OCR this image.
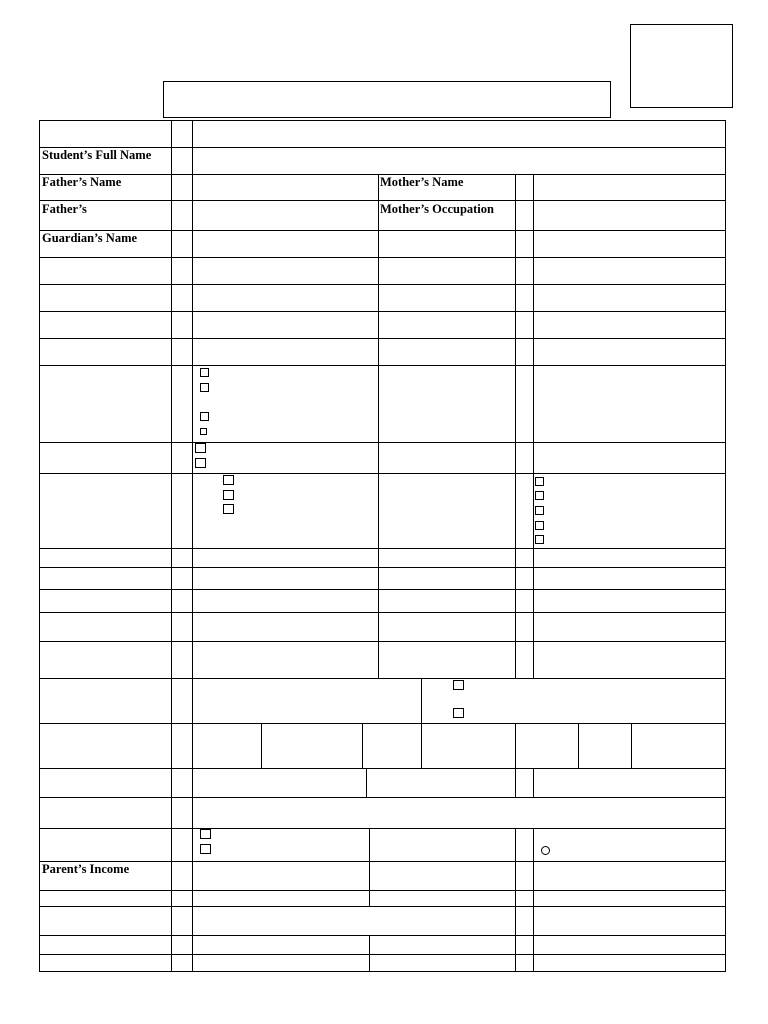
Student’s Full Name
Father’s Name	Mother’s Name
Father’s	Mother’s Occupation
Guardian’s Name
Parent’s Income
